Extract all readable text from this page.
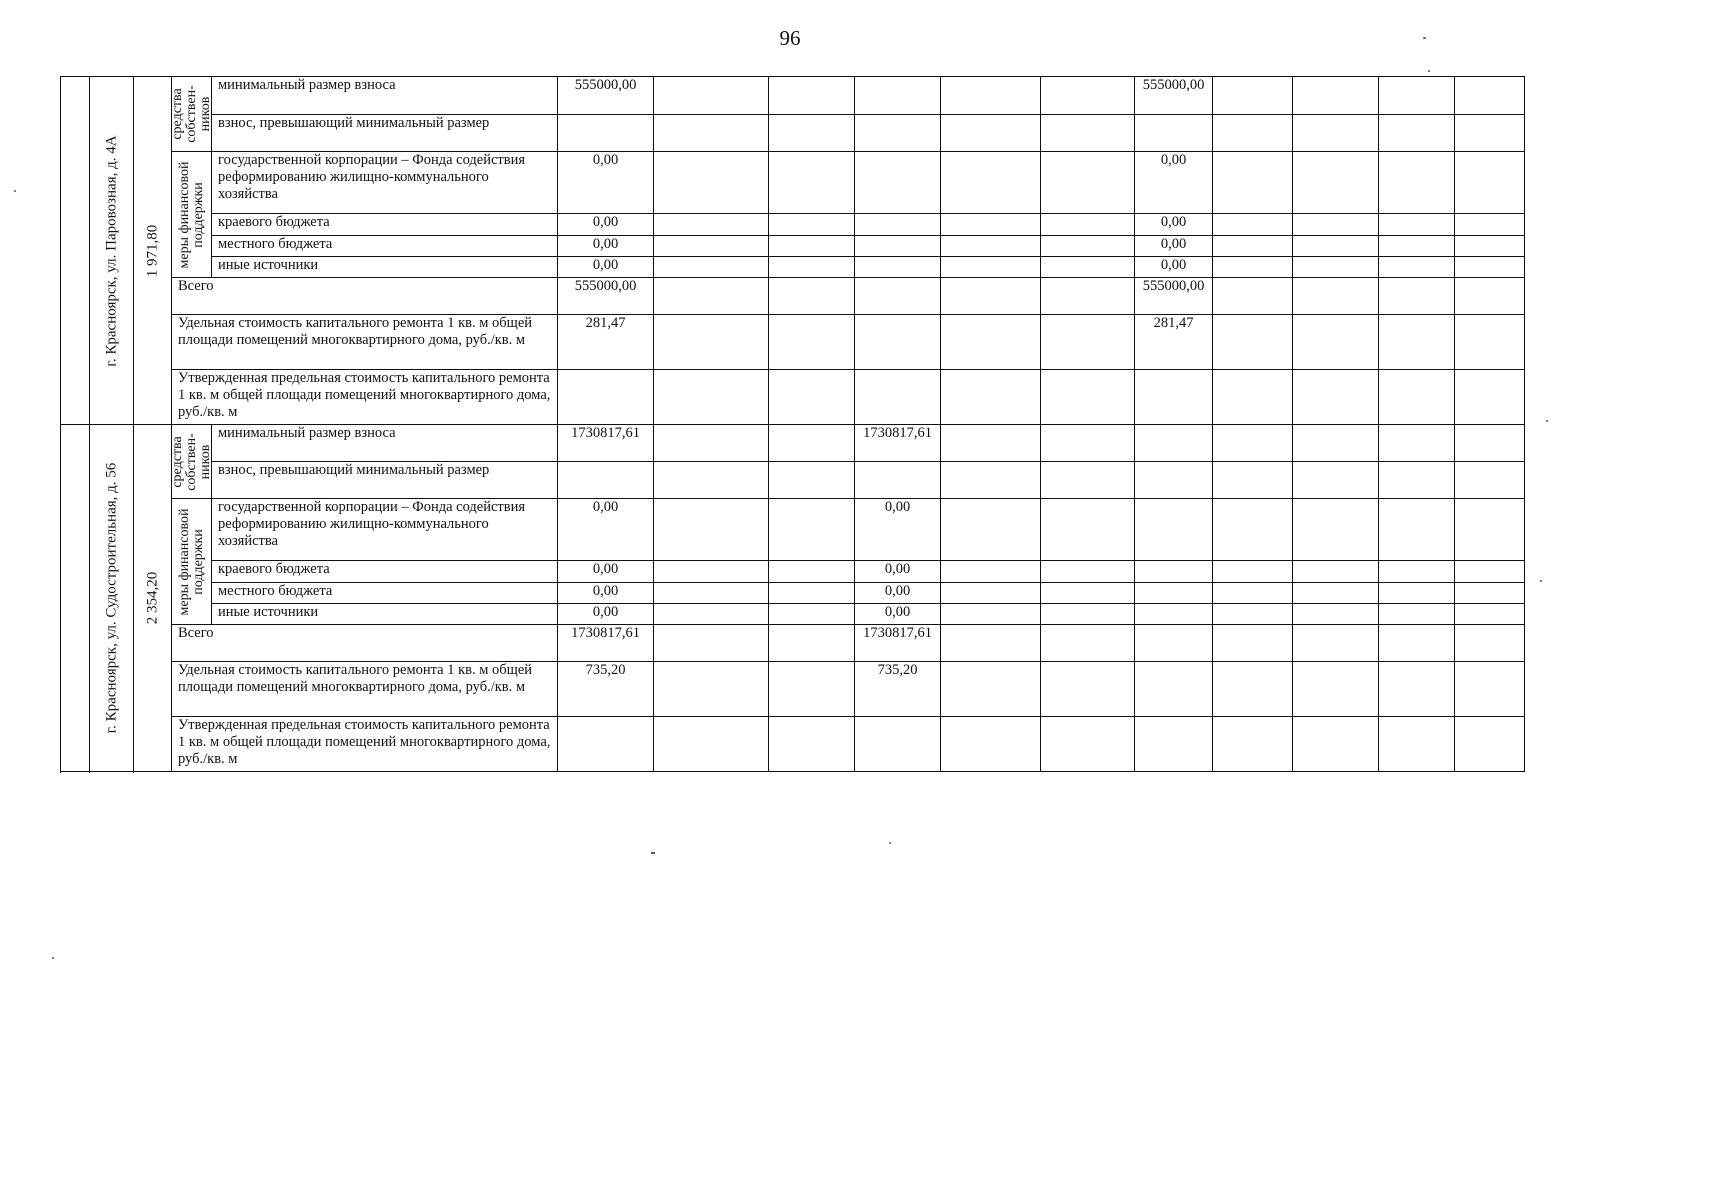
96

	г. Красноярск, ул. Паровозная, д. 4А	1 971,80	средства собствен-ников	минимальный размер взноса	555000,00						555000,00				
				взнос, превышающий минимальный размер											

			меры финансовой поддержки	государственной корпорации – Фонда содействия реформированию жилищно-коммунального хозяйства	0,00						0,00				
				краевого бюджета	0,00						0,00				
				местного бюджета	0,00						0,00				
				иные источники	0,00						0,00				
			Всего		555000,00						555000,00				
			Удельная стоимость капитального ремонта 1 кв. м общей площади помещений многоквартирного дома, руб./кв. м		281,47						281,47				
			Утвержденная предельная стоимость капитального ремонта 1 кв. м общей площади помещений многоквартирного дома, руб./кв. м												

	г. Красноярск, ул. Судостроительная, д. 56	2 354,20	средства собствен-ников	минимальный размер взноса	1730817,61			1730817,61							
				взнос, превышающий минимальный размер											

			меры финансовой поддержки	государственной корпорации – Фонда содействия реформированию жилищно-коммунального хозяйства	0,00			0,00							
				краевого бюджета	0,00			0,00							
				местного бюджета	0,00			0,00							
				иные источники	0,00			0,00							
			Всего		1730817,61			1730817,61							
			Удельная стоимость капитального ремонта 1 кв. м общей площади помещений многоквартирного дома, руб./кв. м		735,20			735,20							
			Утвержденная предельная стоимость капитального ремонта 1 кв. м общей площади помещений многоквартирного дома, руб./кв. м												
